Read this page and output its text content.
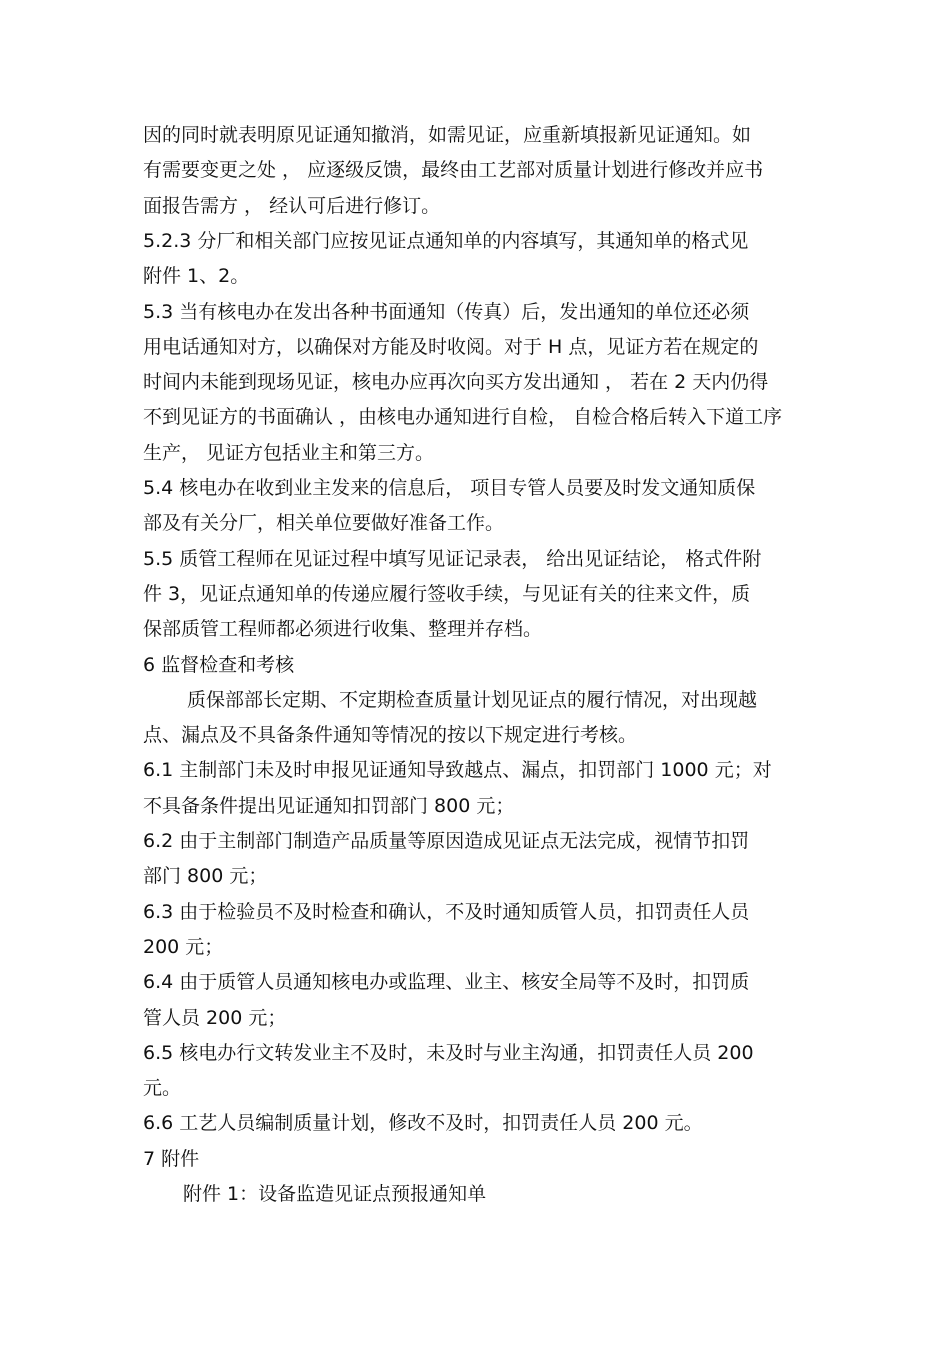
因的同时就表明原见证通知撤消，如需见证，应重新填报新见证通知。如
有需要变更之处 ， 应逐级反馈，最终由工艺部对质量计划进行修改并应书
面报告需方 ， 经认可后进行修订。
5.2.3 分厂和相关部门应按见证点通知单的内容填写，其通知单的格式见
附件 1、2。
5.3 当有核电办在发出各种书面通知（传真）后，发出通知的单位还必须
用电话通知对方，以确保对方能及时收阅。对于 H 点，见证方若在规定的
时间内未能到现场见证，核电办应再次向买方发出通知 ， 若在 2 天内仍得
不到见证方的书面确认 ，由核电办通知进行自检， 自检合格后转入下道工序
生产， 见证方包括业主和第三方。
5.4 核电办在收到业主发来的信息后， 项目专管人员要及时发文通知质保
部及有关分厂，相关单位要做好准备工作。
5.5 质管工程师在见证过程中填写见证记录表， 给出见证结论， 格式件附
件 3，见证点通知单的传递应履行签收手续，与见证有关的往来文件，质
保部质管工程师都必须进行收集、整理并存档。
6 监督检查和考核
质保部部长定期、不定期检查质量计划见证点的履行情况，对出现越
点、漏点及不具备条件通知等情况的按以下规定进行考核。
6.1 主制部门未及时申报见证通知导致越点、漏点，扣罚部门 1000 元；对
不具备条件提出见证通知扣罚部门 800 元；
6.2 由于主制部门制造产品质量等原因造成见证点无法完成，视情节扣罚
部门 800 元；
6.3 由于检验员不及时检查和确认，不及时通知质管人员，扣罚责任人员
200 元；
6.4 由于质管人员通知核电办或监理、业主、核安全局等不及时，扣罚质
管人员 200 元；
6.5 核电办行文转发业主不及时，未及时与业主沟通，扣罚责任人员 200
元。
6.6 工艺人员编制质量计划，修改不及时，扣罚责任人员 200 元。
7 附件
附件 1：设备监造见证点预报通知单
